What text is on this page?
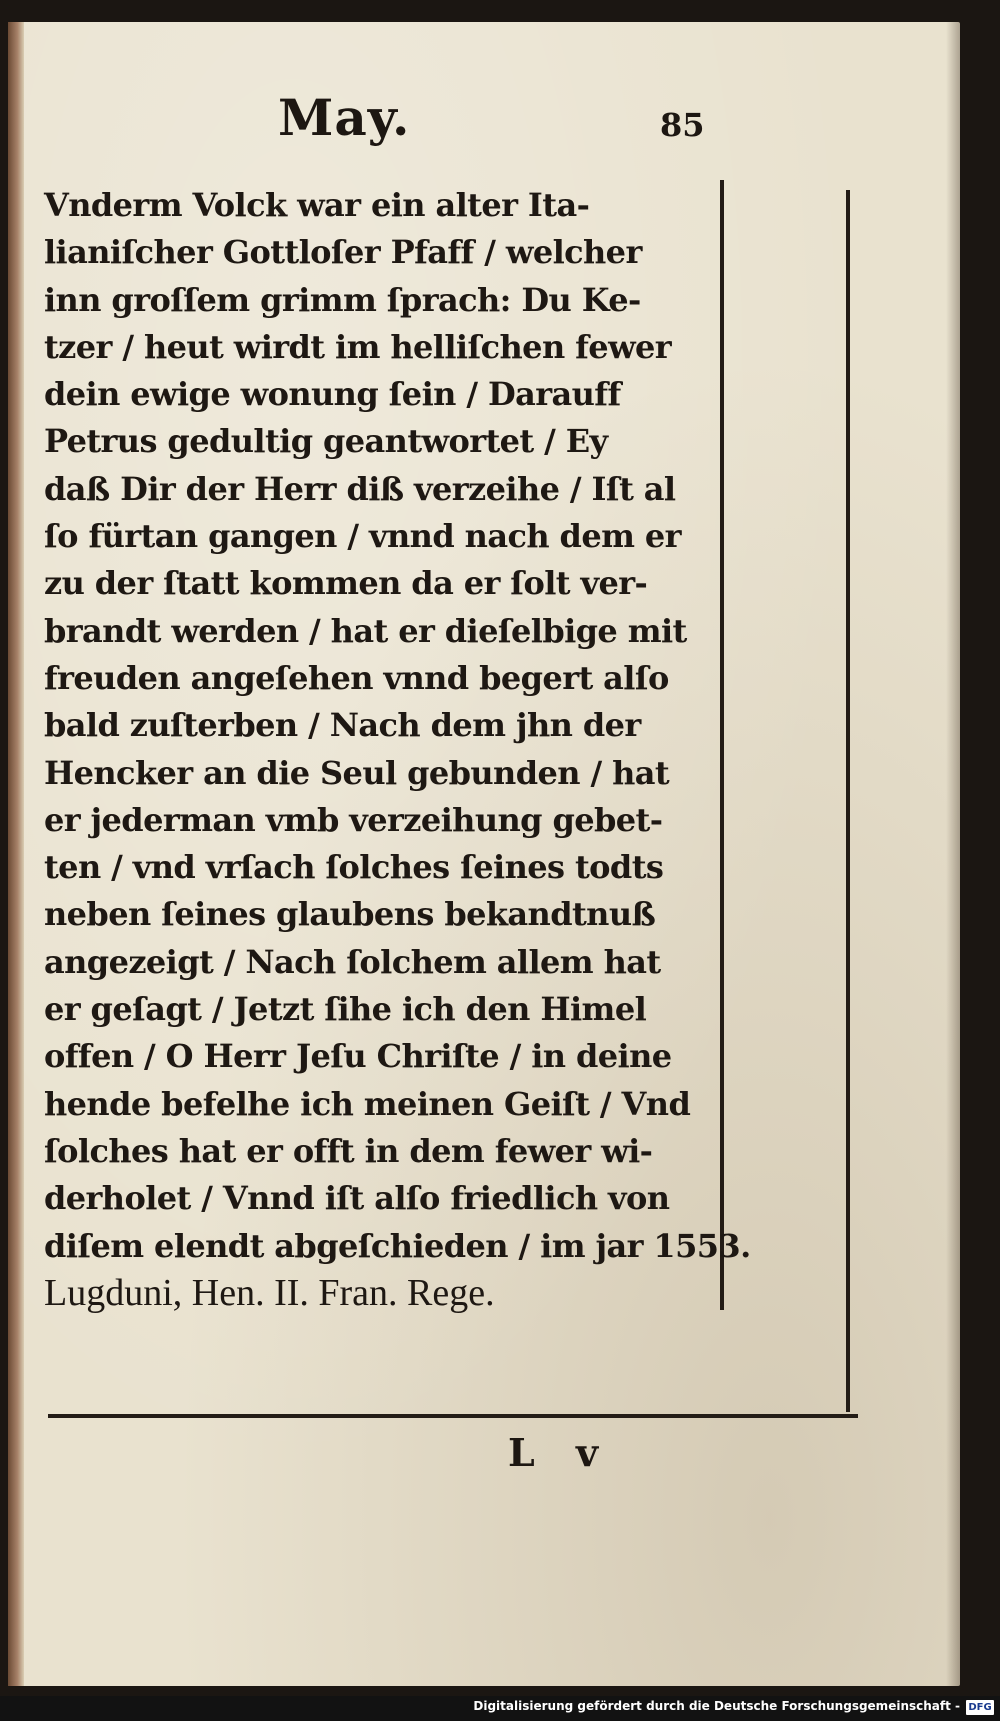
May.	85
Vnderm Volck war ein alter Ita-
lianiſcher Gottloſer Pfaff / welcher
inn groſſem grimm ſprach: Du Ke-
tzer / heut wirdt im helliſchen fewer
dein ewige wonung ſein / Darauff
Petrus gedultig geantwortet / Ey
daß Dir der Herr diß verzeihe / Iſt al
ſo fürtan gangen / vnnd nach dem er
zu der ſtatt kommen da er ſolt ver-
brandt werden / hat er dieſelbige mit
freuden angeſehen vnnd begert alſo
bald zuſterben / Nach dem jhn der
Hencker an die Seul gebunden / hat
er jederman vmb verzeihung gebet-
ten / vnd vrſach ſolches ſeines todts
neben ſeines glaubens bekandtnuß
angezeigt / Nach ſolchem allem hat
er geſagt / Jetzt ſihe ich den Himel
offen / O Herr Jeſu Chriſte / in deine
hende befelhe ich meinen Geiſt / Vnd
ſolches hat er offt in dem fewer wi-
derholet / Vnnd iſt alſo friedlich von
diſem elendt abgeſchieden / im jar 1553.
Lugduni, Hen. II. Fran. Rege.
L v
Digitalisierung gefördert durch die Deutsche Forschungsgemeinschaft - DFG
